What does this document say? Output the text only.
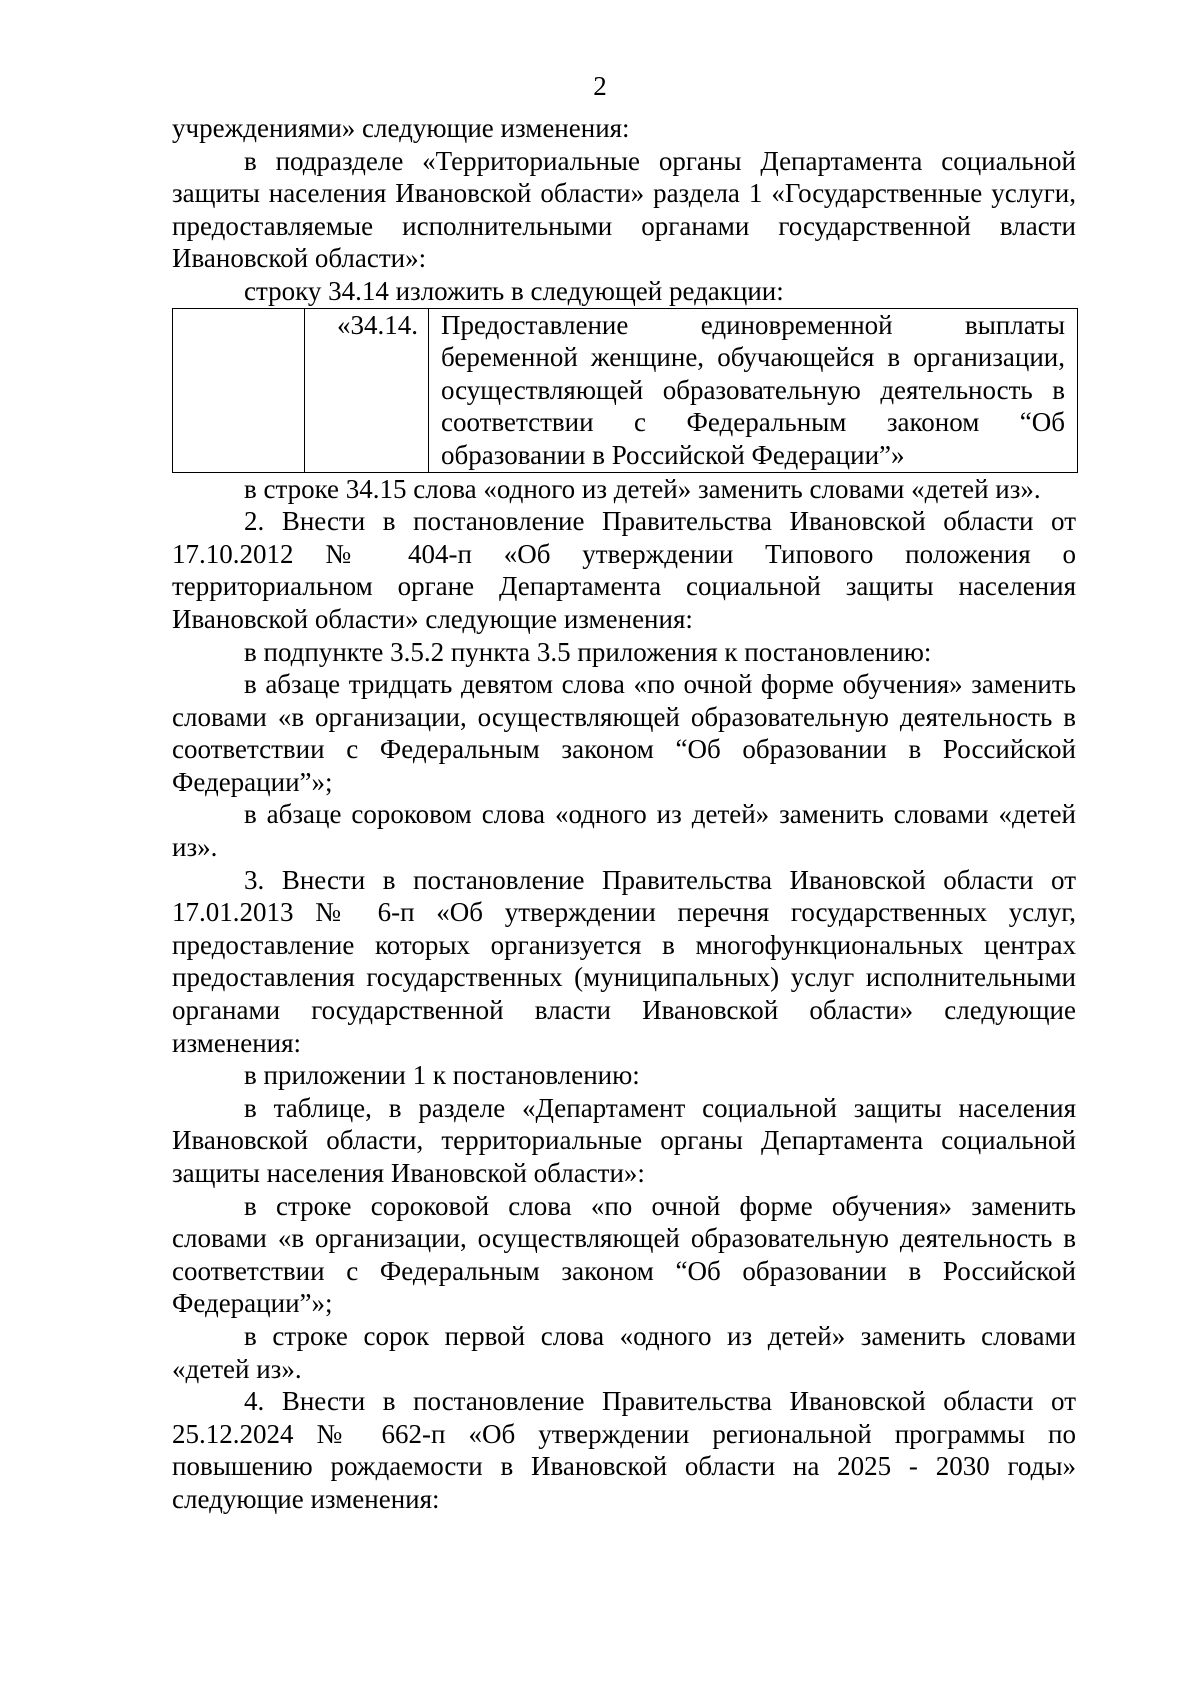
2

учреждениями» следующие изменения:

в подразделе «Территориальные органы Департамента социальной защиты населения Ивановской области» раздела 1 «Государственные услуги, предоставляемые исполнительными органами государственной власти Ивановской области»:

строку 34.14 изложить в следующей редакции:

	«34.14.	Предоставление единовременной выплаты беременной женщине, обучающейся в организации, осуществляющей образовательную деятельность в соответствии с Федеральным законом “Об образовании в Российской Федерации”»

в строке 34.15 слова «одного из детей» заменить словами «детей из».

2. Внести в постановление Правительства Ивановской области от 17.10.2012 № 404-п «Об утверждении Типового положения о территориальном органе Департамента социальной защиты населения Ивановской области» следующие изменения:

в подпункте 3.5.2 пункта 3.5 приложения к постановлению:

в абзаце тридцать девятом слова «по очной форме обучения» заменить словами «в организации, осуществляющей образовательную деятельность в соответствии с Федеральным законом “Об образовании в Российской Федерации”»;

в абзаце сороковом слова «одного из детей» заменить словами «детей из».

3. Внести в постановление Правительства Ивановской области от 17.01.2013 № 6-п «Об утверждении перечня государственных услуг, предоставление которых организуется в многофункциональных центрах предоставления государственных (муниципальных) услуг исполнительными органами государственной власти Ивановской области» следующие изменения:

в приложении 1 к постановлению:

в таблице, в разделе «Департамент социальной защиты населения Ивановской области, территориальные органы Департамента социальной защиты населения Ивановской области»:

в строке сороковой слова «по очной форме обучения» заменить словами «в организации, осуществляющей образовательную деятельность в соответствии с Федеральным законом “Об образовании в Российской Федерации”»;

в строке сорок первой слова «одного из детей» заменить словами «детей из».

4. Внести в постановление Правительства Ивановской области от 25.12.2024 № 662-п «Об утверждении региональной программы по повышению рождаемости в Ивановской области на 2025 - 2030 годы» следующие изменения:
